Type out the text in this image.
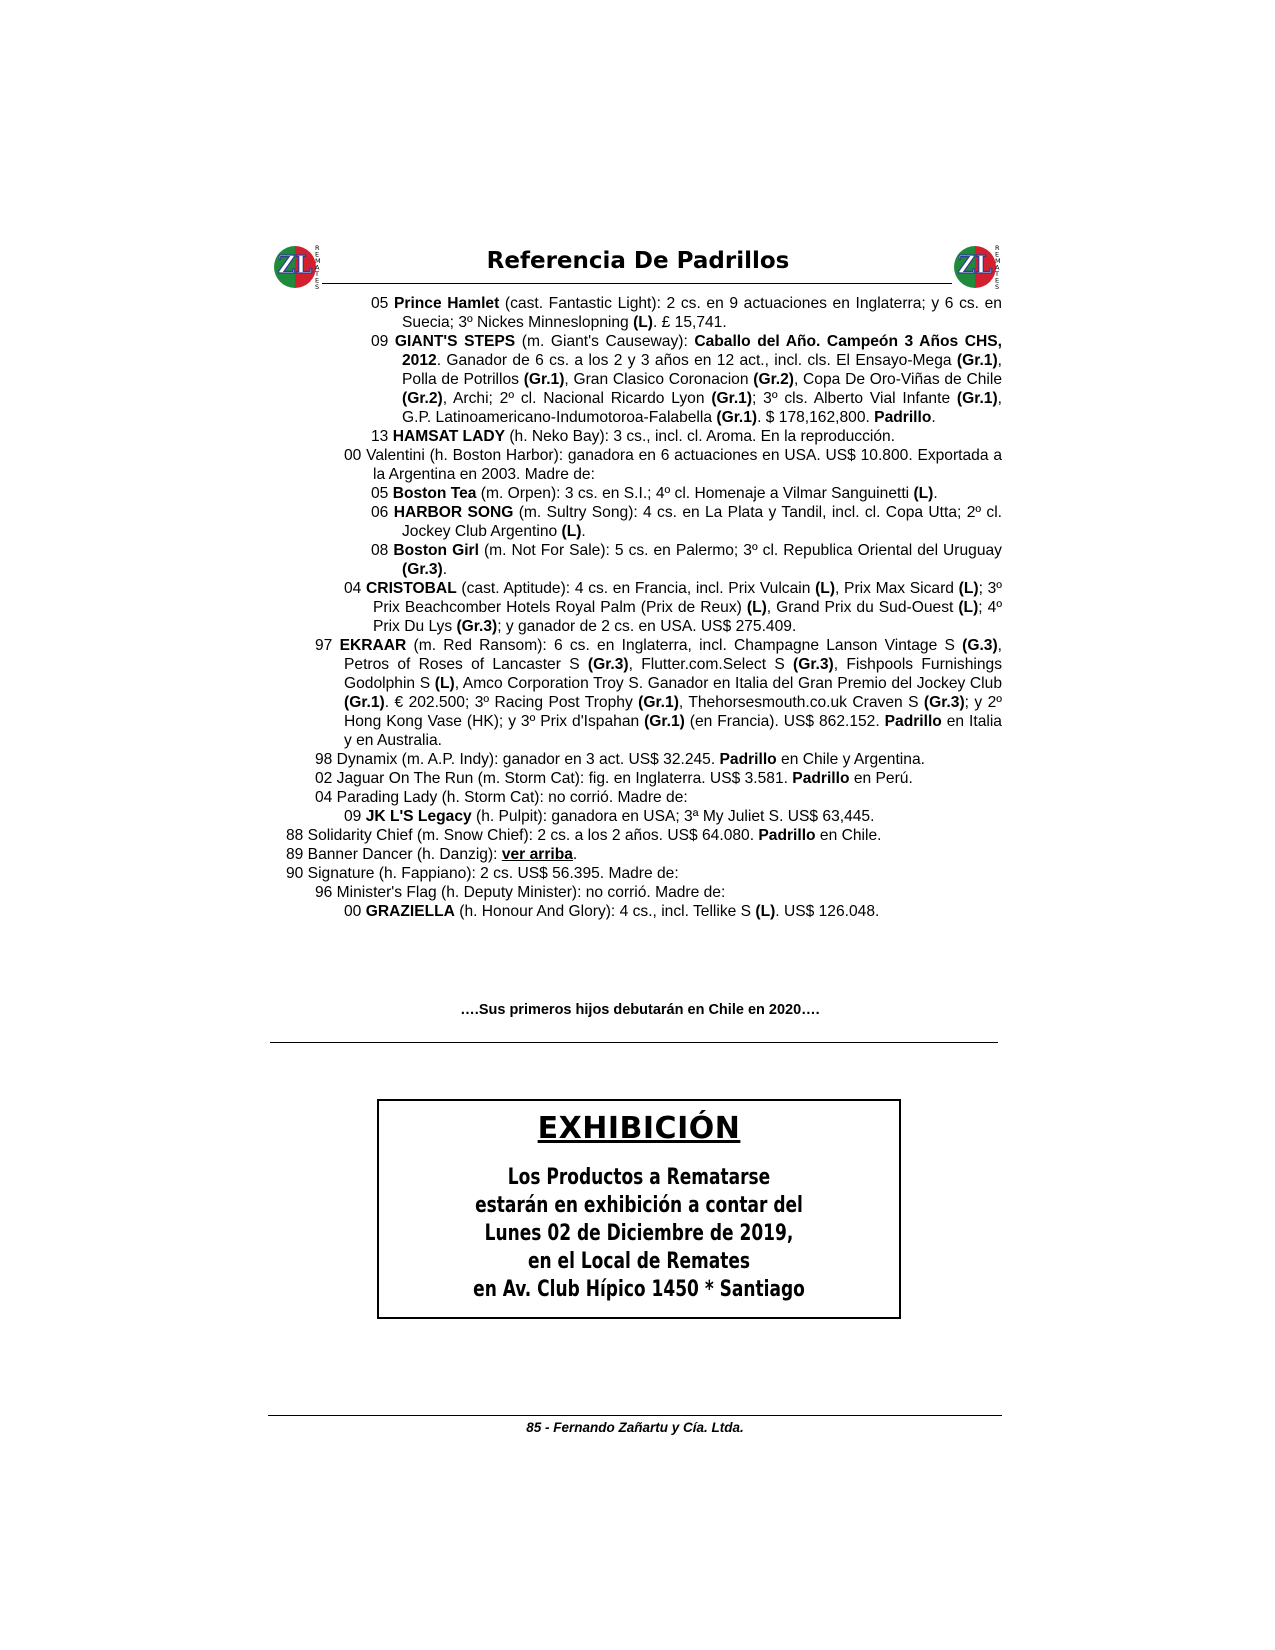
ZL
R E M A T E S
Referencia De Padrillos	ZL
R E M A T E S

05 Prince Hamlet (cast. Fantastic Light): 2 cs. en 9 actuaciones en Inglaterra; y 6 cs. en Suecia; 3º Nickes Minneslopning (L). £ 15,741.

09 GIANT'S STEPS (m. Giant's Causeway): Caballo del Año. Campeón 3 Años CHS, 2012. Ganador de 6 cs. a los 2 y 3 años en 12 act., incl. cls. El Ensayo-Mega (Gr.1), Polla de Potrillos (Gr.1), Gran Clasico Coronacion (Gr.2), Copa De Oro-Viñas de Chile (Gr.2), Archi; 2º cl. Nacional Ricardo Lyon (Gr.1); 3º cls. Alberto Vial Infante (Gr.1), G.P. Latinoamericano-Indumotoroa-Falabella (Gr.1). $ 178,162,800. Padrillo.

13 HAMSAT LADY (h. Neko Bay): 3 cs., incl. cl. Aroma. En la reproducción.

00 Valentini (h. Boston Harbor): ganadora en 6 actuaciones en USA. US$ 10.800. Exportada a la Argentina en 2003. Madre de:

05 Boston Tea (m. Orpen): 3 cs. en S.I.; 4º cl. Homenaje a Vilmar Sanguinetti (L).

06 HARBOR SONG (m. Sultry Song): 4 cs. en La Plata y Tandil, incl. cl. Copa Utta; 2º cl. Jockey Club Argentino (L).

08 Boston Girl (m. Not For Sale): 5 cs. en Palermo; 3º cl. Republica Oriental del Uruguay (Gr.3).

04 CRISTOBAL (cast. Aptitude): 4 cs. en Francia, incl. Prix Vulcain (L), Prix Max Sicard (L); 3º Prix Beachcomber Hotels Royal Palm (Prix de Reux) (L), Grand Prix du Sud-Ouest (L); 4º Prix Du Lys (Gr.3); y ganador de 2 cs. en USA. US$ 275.409.

97 EKRAAR (m. Red Ransom): 6 cs. en Inglaterra, incl. Champagne Lanson Vintage S (G.3), Petros of Roses of Lancaster S (Gr.3), Flutter.com.Select S (Gr.3), Fishpools Furnishings Godolphin S (L), Amco Corporation Troy S. Ganador en Italia del Gran Premio del Jockey Club (Gr.1). € 202.500; 3º Racing Post Trophy (Gr.1), Thehorsesmouth.co.uk Craven S (Gr.3); y 2º Hong Kong Vase (HK); y 3º Prix d'Ispahan (Gr.1) (en Francia). US$ 862.152. Padrillo en Italia y en Australia.

98 Dynamix (m. A.P. Indy): ganador en 3 act. US$ 32.245. Padrillo en Chile y Argentina.

02 Jaguar On The Run (m. Storm Cat): fig. en Inglaterra. US$ 3.581. Padrillo en Perú.

04 Parading Lady (h. Storm Cat): no corrió. Madre de:

09 JK L'S Legacy (h. Pulpit): ganadora en USA; 3ª My Juliet S. US$ 63,445.

88 Solidarity Chief (m. Snow Chief): 2 cs. a los 2 años. US$ 64.080. Padrillo en Chile.

89 Banner Dancer (h. Danzig): ver arriba.

90 Signature (h. Fappiano): 2 cs. US$ 56.395. Madre de:

96 Minister's Flag (h. Deputy Minister): no corrió. Madre de:

00 GRAZIELLA (h. Honour And Glory): 4 cs., incl. Tellike S (L). US$ 126.048.

….Sus primeros hijos debutarán en Chile en 2020….
EXHIBICIÓN
Los Productos a Rematarse
estarán en exhibición a contar del
Lunes 02 de Diciembre de 2019,
en el Local de Remates
en Av. Club Hípico 1450 * Santiago
85 - Fernando Zañartu y Cía. Ltda.
